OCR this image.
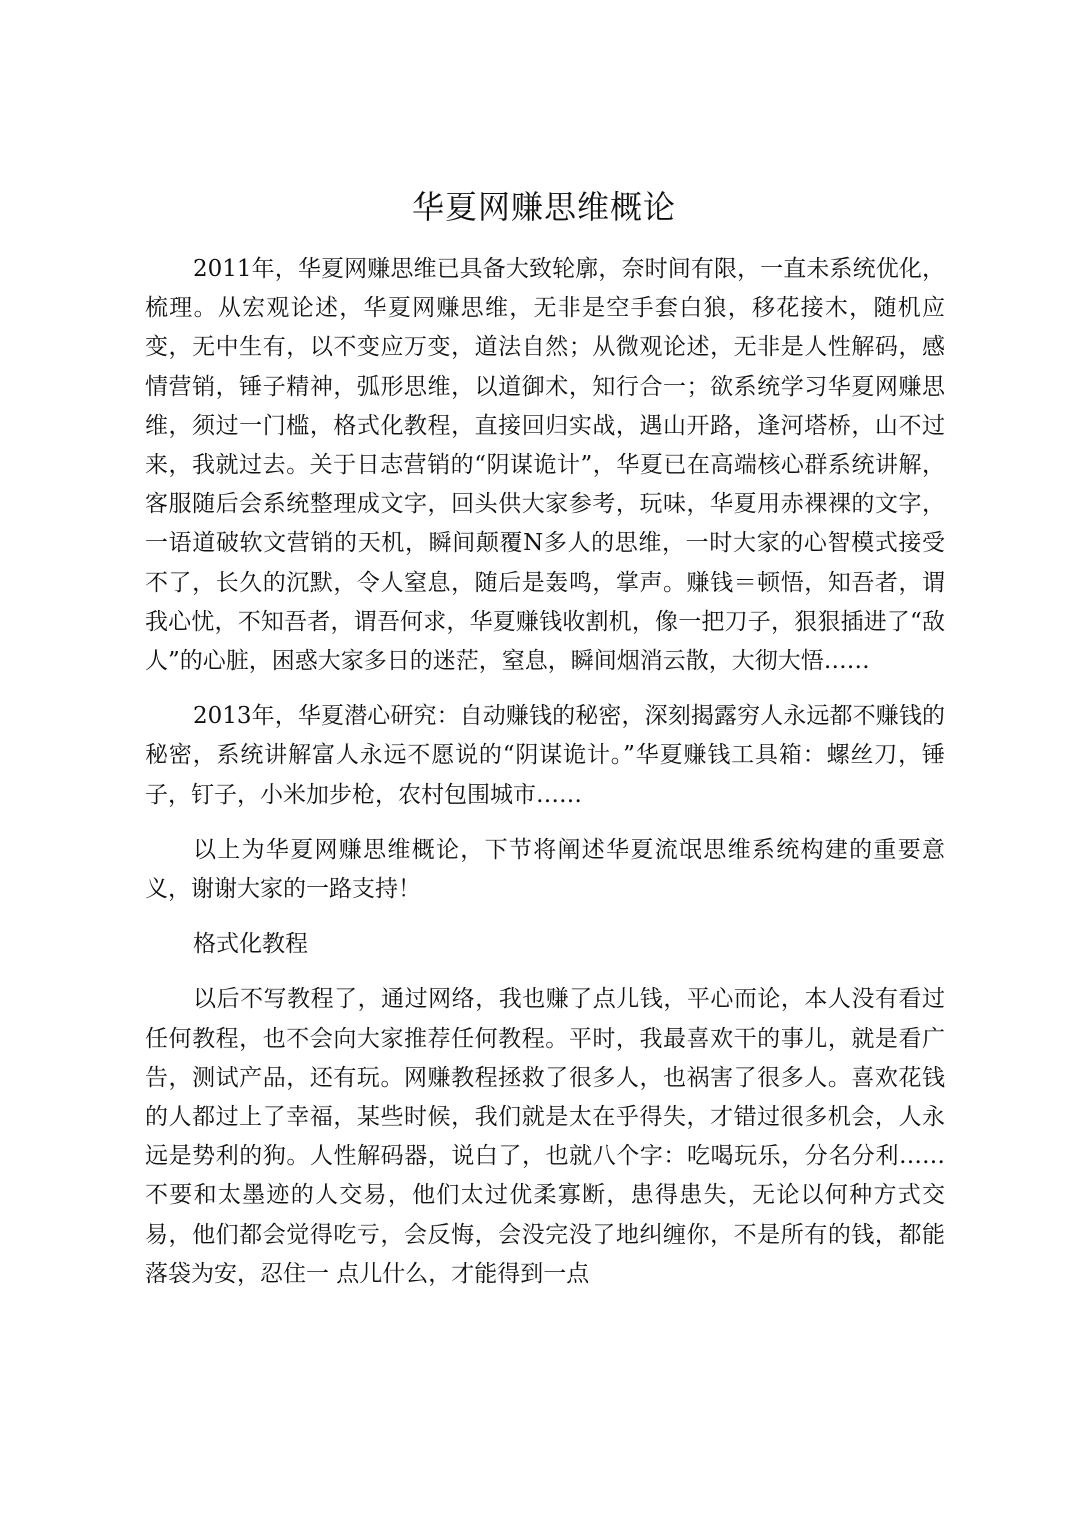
华夏网赚思维概论

2011年，华夏网赚思维已具备大致轮廓，奈时间有限，一直未系统优化，梳理。从宏观论述，华夏网赚思维，无非是空手套白狼，移花接木，随机应变，无中生有，以不变应万变，道法自然；从微观论述，无非是人性解码，感情营销，锤子精神，弧形思维，以道御术，知行合一；欲系统学习华夏网赚思维，须过一门槛，格式化教程，直接回归实战，遇山开路，逢河塔桥，山不过来，我就过去。关于日志营销的“阴谋诡计”，华夏已在高端核心群系统讲解，客服随后会系统整理成文字，回头供大家参考，玩味，华夏用赤裸裸的文字，一语道破软文营销的天机，瞬间颠覆N多人的思维，一时大家的心智模式接受不了，长久的沉默，令人窒息，随后是轰鸣，掌声。赚钱＝顿悟，知吾者，谓我心忧，不知吾者，谓吾何求，华夏赚钱收割机，像一把刀子，狠狠插进了“敌人”的心脏，困惑大家多日的迷茫，窒息，瞬间烟消云散，大彻大悟……

2013年，华夏潜心研究：自动赚钱的秘密，深刻揭露穷人永远都不赚钱的秘密，系统讲解富人永远不愿说的“阴谋诡计。”华夏赚钱工具箱：螺丝刀，锤子，钉子，小米加步枪，农村包围城市……

以上为华夏网赚思维概论，下节将阐述华夏流氓思维系统构建的重要意义，谢谢大家的一路支持！

格式化教程

以后不写教程了，通过网络，我也赚了点儿钱，平心而论，本人没有看过任何教程，也不会向大家推荐任何教程。平时，我最喜欢干的事儿，就是看广告，测试产品，还有玩。网赚教程拯救了很多人，也祸害了很多人。喜欢花钱的人都过上了幸福，某些时候，我们就是太在乎得失，才错过很多机会，人永远是势利的狗。人性解码器，说白了，也就八个字：吃喝玩乐，分名分利……不要和太墨迹的人交易，他们太过优柔寡断，患得患失，无论以何种方式交易，他们都会觉得吃亏，会反悔，会没完没了地纠缠你，不是所有的钱，都能落袋为安，忍住一 点儿什么，才能得到一点
